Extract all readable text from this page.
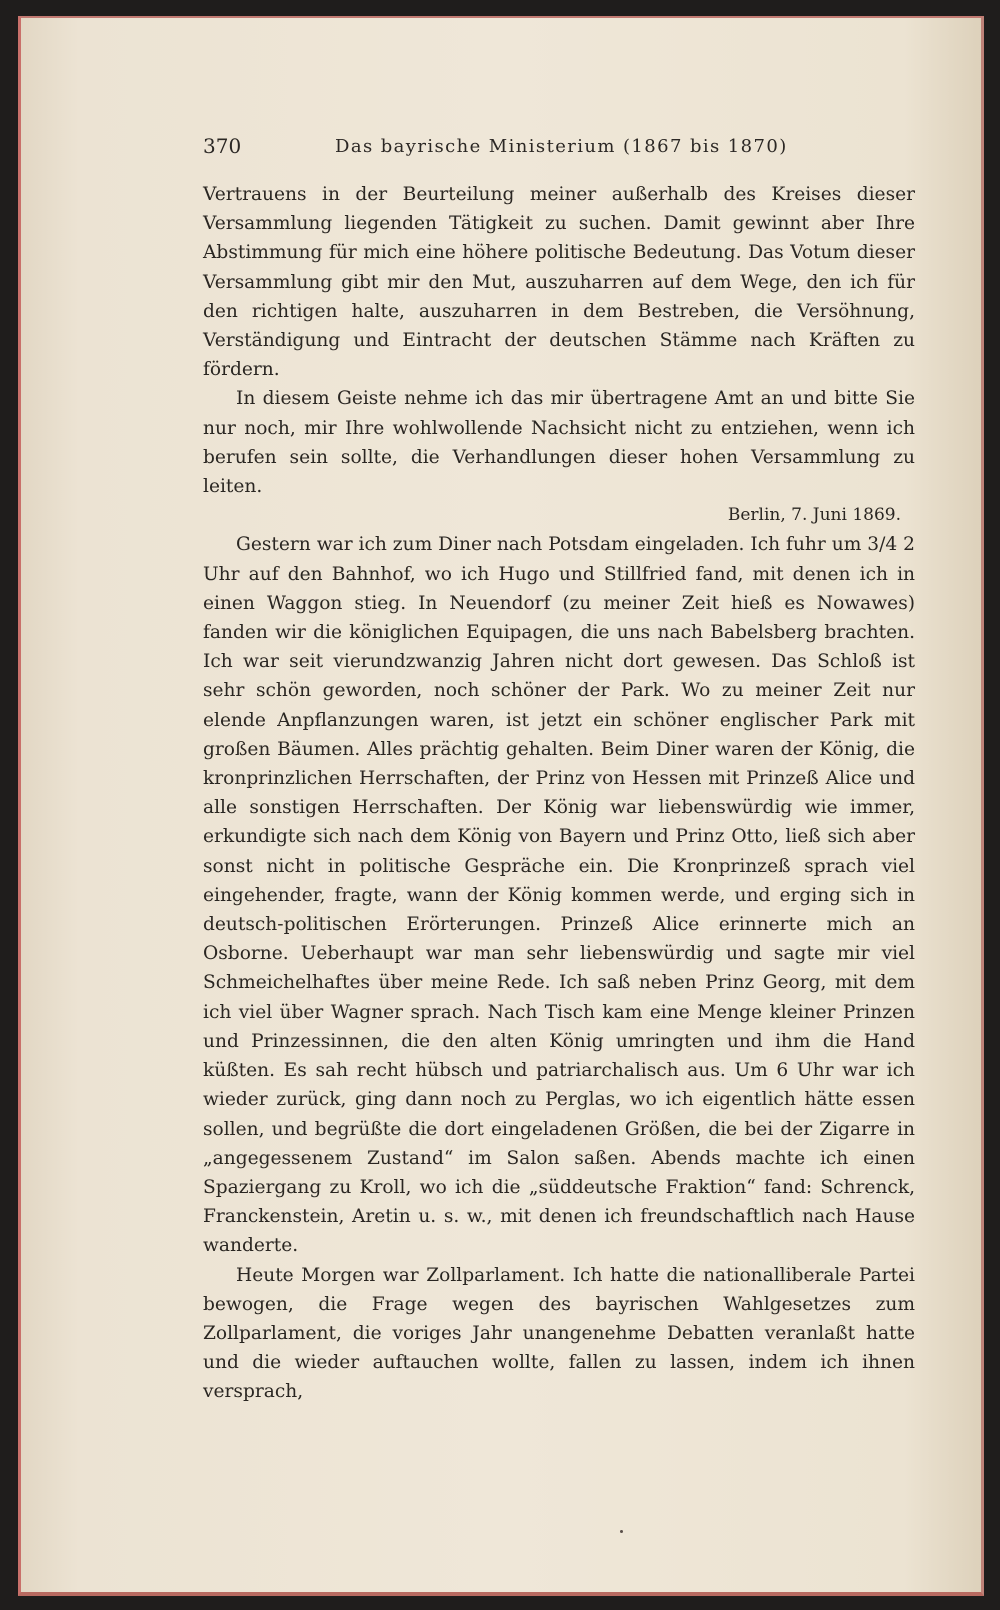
370	Das bayrische Ministerium (1867 bis 1870)

Vertrauens in der Beurteilung meiner außerhalb des Kreises dieser Versammlung liegenden Tätigkeit zu suchen. Damit gewinnt aber Ihre Abstimmung für mich eine höhere politische Bedeutung. Das Votum dieser Versammlung gibt mir den Mut, auszuharren auf dem Wege, den ich für den richtigen halte, auszuharren in dem Bestreben, die Versöhnung, Verständigung und Eintracht der deutschen Stämme nach Kräften zu fördern.

In diesem Geiste nehme ich das mir übertragene Amt an und bitte Sie nur noch, mir Ihre wohlwollende Nachsicht nicht zu entziehen, wenn ich berufen sein sollte, die Verhandlungen dieser hohen Versammlung zu leiten.

Berlin, 7. Juni 1869.

Gestern war ich zum Diner nach Potsdam eingeladen. Ich fuhr um 3/4 2 Uhr auf den Bahnhof, wo ich Hugo und Stillfried fand, mit denen ich in einen Waggon stieg. In Neuendorf (zu meiner Zeit hieß es Nowawes) fanden wir die königlichen Equipagen, die uns nach Babelsberg brachten. Ich war seit vierundzwanzig Jahren nicht dort gewesen. Das Schloß ist sehr schön geworden, noch schöner der Park. Wo zu meiner Zeit nur elende Anpflanzungen waren, ist jetzt ein schöner englischer Park mit großen Bäumen. Alles prächtig gehalten. Beim Diner waren der König, die kronprinzlichen Herrschaften, der Prinz von Hessen mit Prinzeß Alice und alle sonstigen Herrschaften. Der König war liebenswürdig wie immer, erkundigte sich nach dem König von Bayern und Prinz Otto, ließ sich aber sonst nicht in politische Gespräche ein. Die Kronprinzeß sprach viel eingehender, fragte, wann der König kommen werde, und erging sich in deutsch-politischen Erörterungen. Prinzeß Alice erinnerte mich an Osborne. Ueberhaupt war man sehr liebenswürdig und sagte mir viel Schmeichelhaftes über meine Rede. Ich saß neben Prinz Georg, mit dem ich viel über Wagner sprach. Nach Tisch kam eine Menge kleiner Prinzen und Prinzessinnen, die den alten König umringten und ihm die Hand küßten. Es sah recht hübsch und patriarchalisch aus. Um 6 Uhr war ich wieder zurück, ging dann noch zu Perglas, wo ich eigentlich hätte essen sollen, und begrüßte die dort eingeladenen Größen, die bei der Zigarre in „angegessenem Zustand“ im Salon saßen. Abends machte ich einen Spaziergang zu Kroll, wo ich die „süddeutsche Fraktion“ fand: Schrenck, Franckenstein, Aretin u. s. w., mit denen ich freundschaftlich nach Hause wanderte.

Heute Morgen war Zollparlament. Ich hatte die nationalliberale Partei bewogen, die Frage wegen des bayrischen Wahlgesetzes zum Zollparlament, die voriges Jahr unangenehme Debatten veranlaßt hatte und die wieder auftauchen wollte, fallen zu lassen, indem ich ihnen versprach,
